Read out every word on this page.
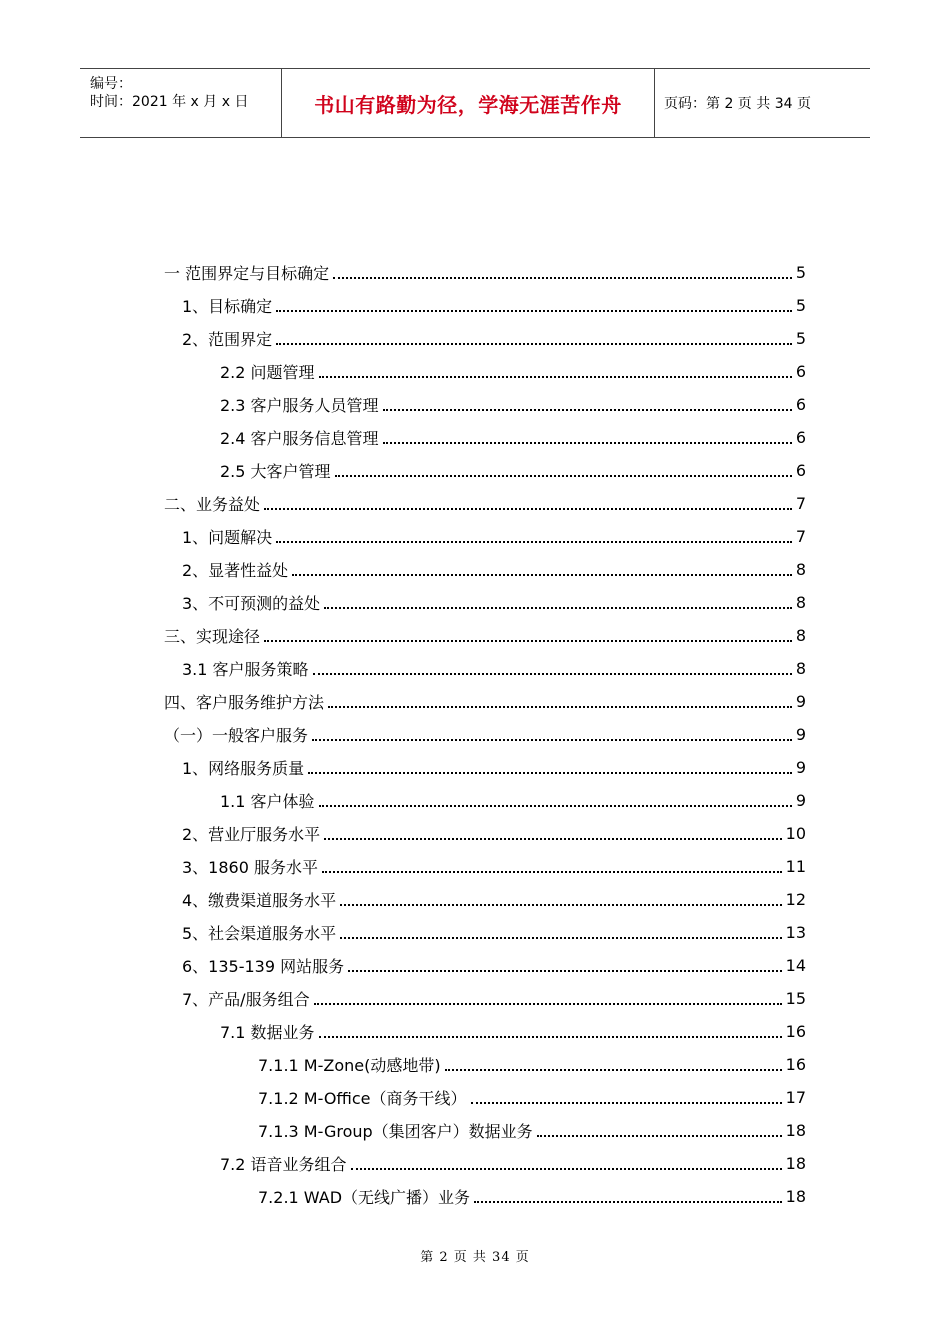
编号：
时间：2021 年 x 月 x 日	书山有路勤为径，学海无涯苦作舟	页码：第 2 页 共 34 页
一 范围界定与目标确定	5
1、目标确定	5
2、范围界定	5
2.2 问题管理	6
2.3 客户服务人员管理	6
2.4 客户服务信息管理	6
2.5 大客户管理	6
二、业务益处	7
1、问题解决	7
2、显著性益处	8
3、不可预测的益处	8
三、实现途径	8
3.1 客户服务策略	8
四、客户服务维护方法	9
（一）一般客户服务	9
1、网络服务质量	9
1.1 客户体验	9
2、营业厅服务水平	10
3、1860 服务水平	11
4、缴费渠道服务水平	12
5、社会渠道服务水平	13
6、135-139 网站服务	14
7、产品/服务组合	15
7.1 数据业务	16
7.1.1 M-Zone(动感地带)	16
7.1.2 M-Office（商务干线）	17
7.1.3 M-Group（集团客户）数据业务	18
7.2 语音业务组合	18
7.2.1 WAD（无线广播）业务	18
第 2 页 共 34 页
